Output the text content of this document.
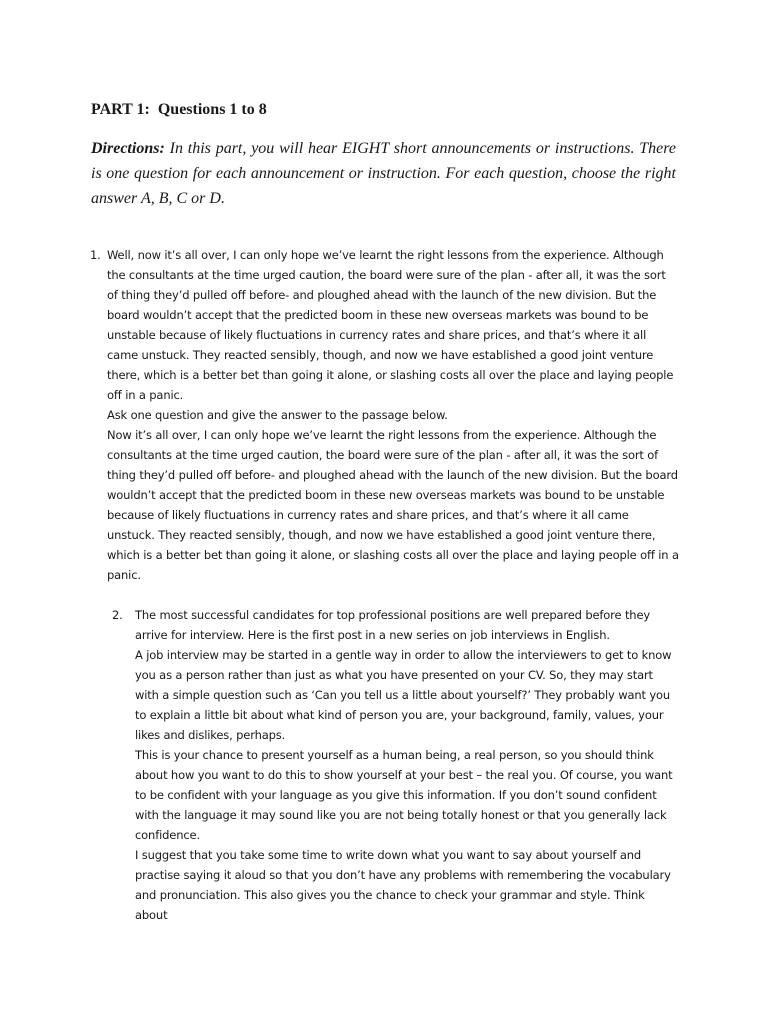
PART 1:  Questions 1 to 8

Directions: In this part, you will hear EIGHT short announcements or instructions. There is one question for each announcement or instruction. For each question, choose the right answer A, B, C or D.

1. Well, now it’s all over, I can only hope we’ve learnt the right lessons from the experience. Although the consultants at the time urged caution, the board were sure of the plan - after all, it was the sort of thing they’d pulled off before- and ploughed ahead with the launch of the new division. But the board wouldn’t accept that the predicted boom in these new overseas markets was bound to be unstable because of likely fluctuations in currency rates and share prices, and that’s where it all came unstuck. They reacted sensibly, though, and now we have established a good joint venture there, which is a better bet than going it alone, or slashing costs all over the place and laying people off in a panic.
Ask one question and give the answer to the passage below.
Now it’s all over, I can only hope we’ve learnt the right lessons from the experience. Although the consultants at the time urged caution, the board were sure of the plan - after all, it was the sort of thing they’d pulled off before- and ploughed ahead with the launch of the new division. But the board wouldn’t accept that the predicted boom in these new overseas markets was bound to be unstable because of likely fluctuations in currency rates and share prices, and that’s where it all came unstuck. They reacted sensibly, though, and now we have established a good joint venture there, which is a better bet than going it alone, or slashing costs all over the place and laying people off in a panic.
2. The most successful candidates for top professional positions are well prepared before they arrive for interview. Here is the first post in a new series on job interviews in English.
A job interview may be started in a gentle way in order to allow the interviewers to get to know you as a person rather than just as what you have presented on your CV. So, they may start with a simple question such as ‘Can you tell us a little about yourself?’ They probably want you to explain a little bit about what kind of person you are, your background, family, values, your likes and dislikes, perhaps.
This is your chance to present yourself as a human being, a real person, so you should think about how you want to do this to show yourself at your best – the real you. Of course, you want to be confident with your language as you give this information. If you don’t sound confident with the language it may sound like you are not being totally honest or that you generally lack confidence.
I suggest that you take some time to write down what you want to say about yourself and practise saying it aloud so that you don’t have any problems with remembering the vocabulary and pronunciation. This also gives you the chance to check your grammar and style. Think about
